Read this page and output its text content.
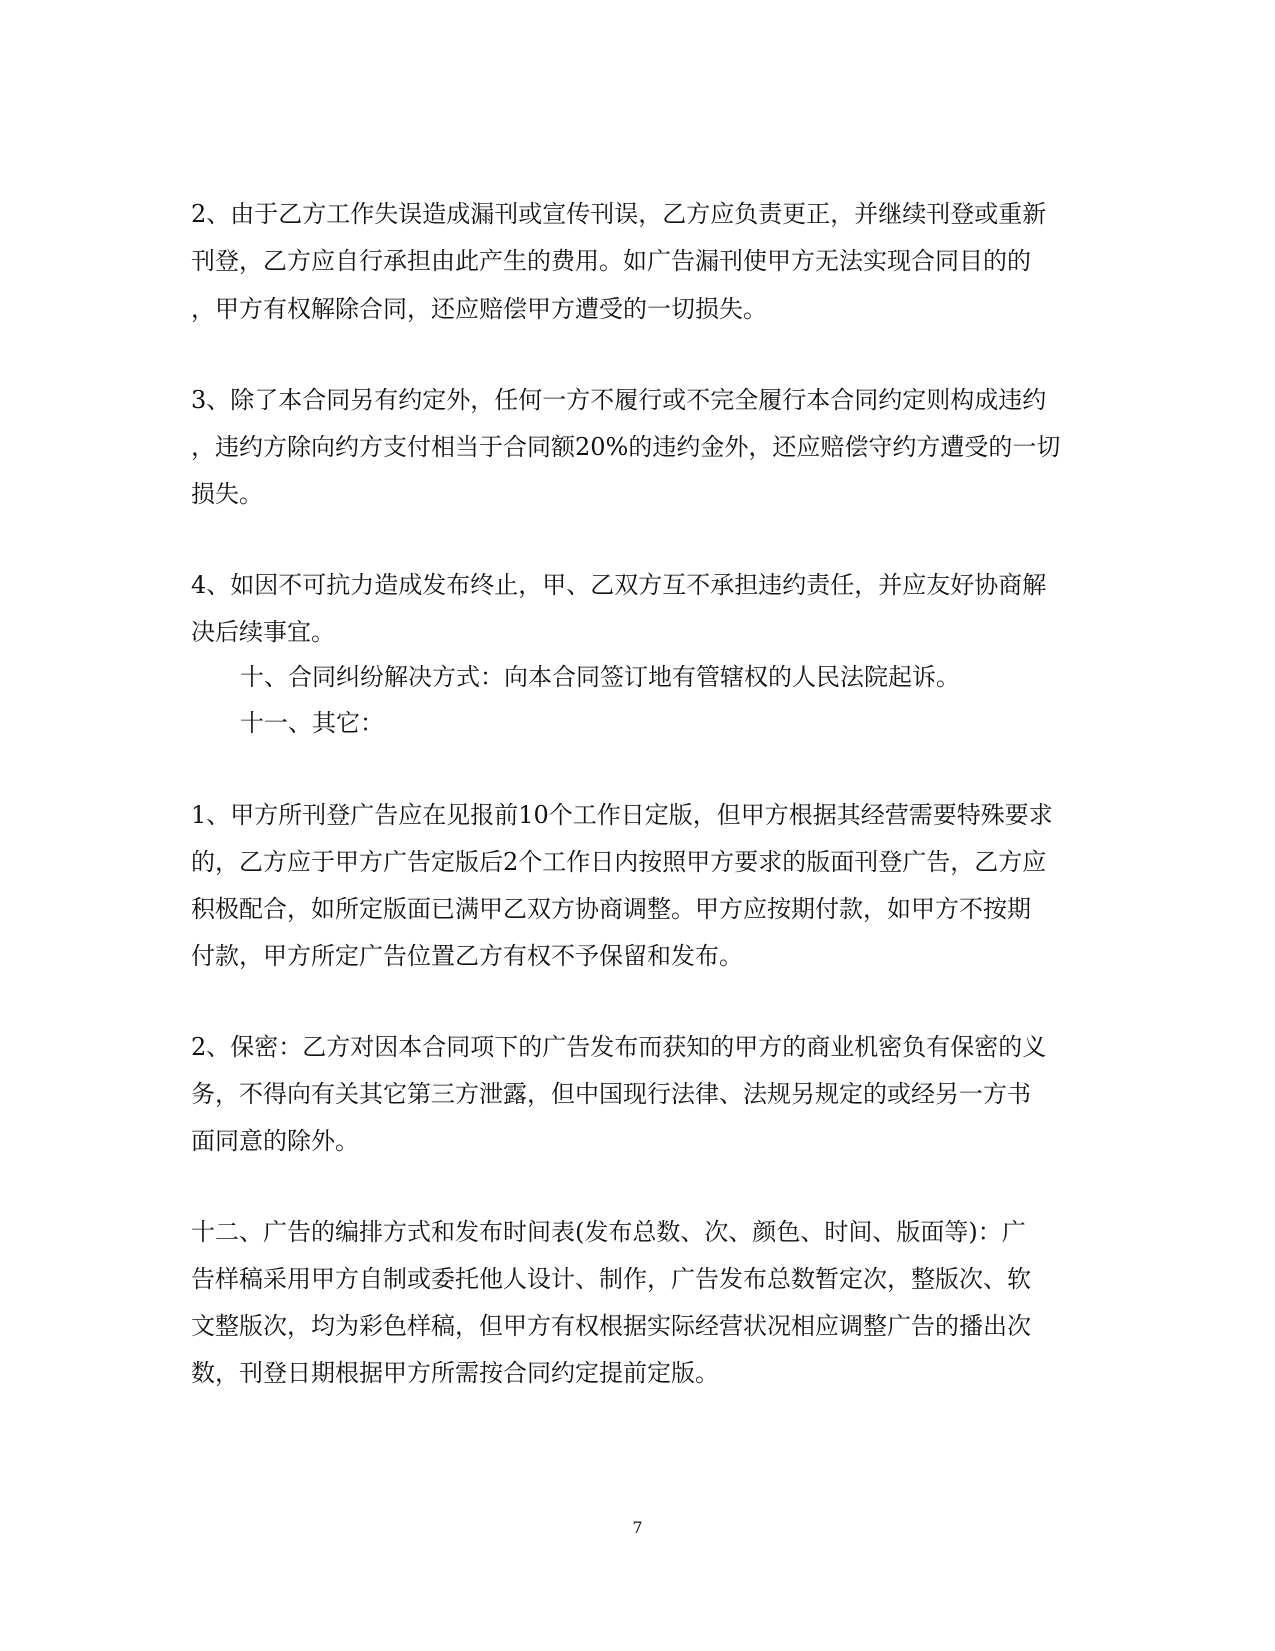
2、由于乙方工作失误造成漏刊或宣传刊误，乙方应负责更正，并继续刊登或重新
刊登，乙方应自行承担由此产生的费用。如广告漏刊使甲方无法实现合同目的的
，甲方有权解除合同，还应赔偿甲方遭受的一切损失。
3、除了本合同另有约定外，任何一方不履行或不完全履行本合同约定则构成违约
，违约方除向约方支付相当于合同额20%的违约金外，还应赔偿守约方遭受的一切
损失。
4、如因不可抗力造成发布终止，甲、乙双方互不承担违约责任，并应友好协商解
决后续事宜。
十、合同纠纷解决方式：向本合同签订地有管辖权的人民法院起诉。
十一、其它：
1、甲方所刊登广告应在见报前10个工作日定版，但甲方根据其经营需要特殊要求
的，乙方应于甲方广告定版后2个工作日内按照甲方要求的版面刊登广告，乙方应
积极配合，如所定版面已满甲乙双方协商调整。甲方应按期付款，如甲方不按期
付款，甲方所定广告位置乙方有权不予保留和发布。
2、保密：乙方对因本合同项下的广告发布而获知的甲方的商业机密负有保密的义
务，不得向有关其它第三方泄露，但中国现行法律、法规另规定的或经另一方书
面同意的除外。
十二、广告的编排方式和发布时间表(发布总数、次、颜色、时间、版面等)：广
告样稿采用甲方自制或委托他人设计、制作，广告发布总数暂定次，整版次、软
文整版次，均为彩色样稿，但甲方有权根据实际经营状况相应调整广告的播出次
数，刊登日期根据甲方所需按合同约定提前定版。
7
